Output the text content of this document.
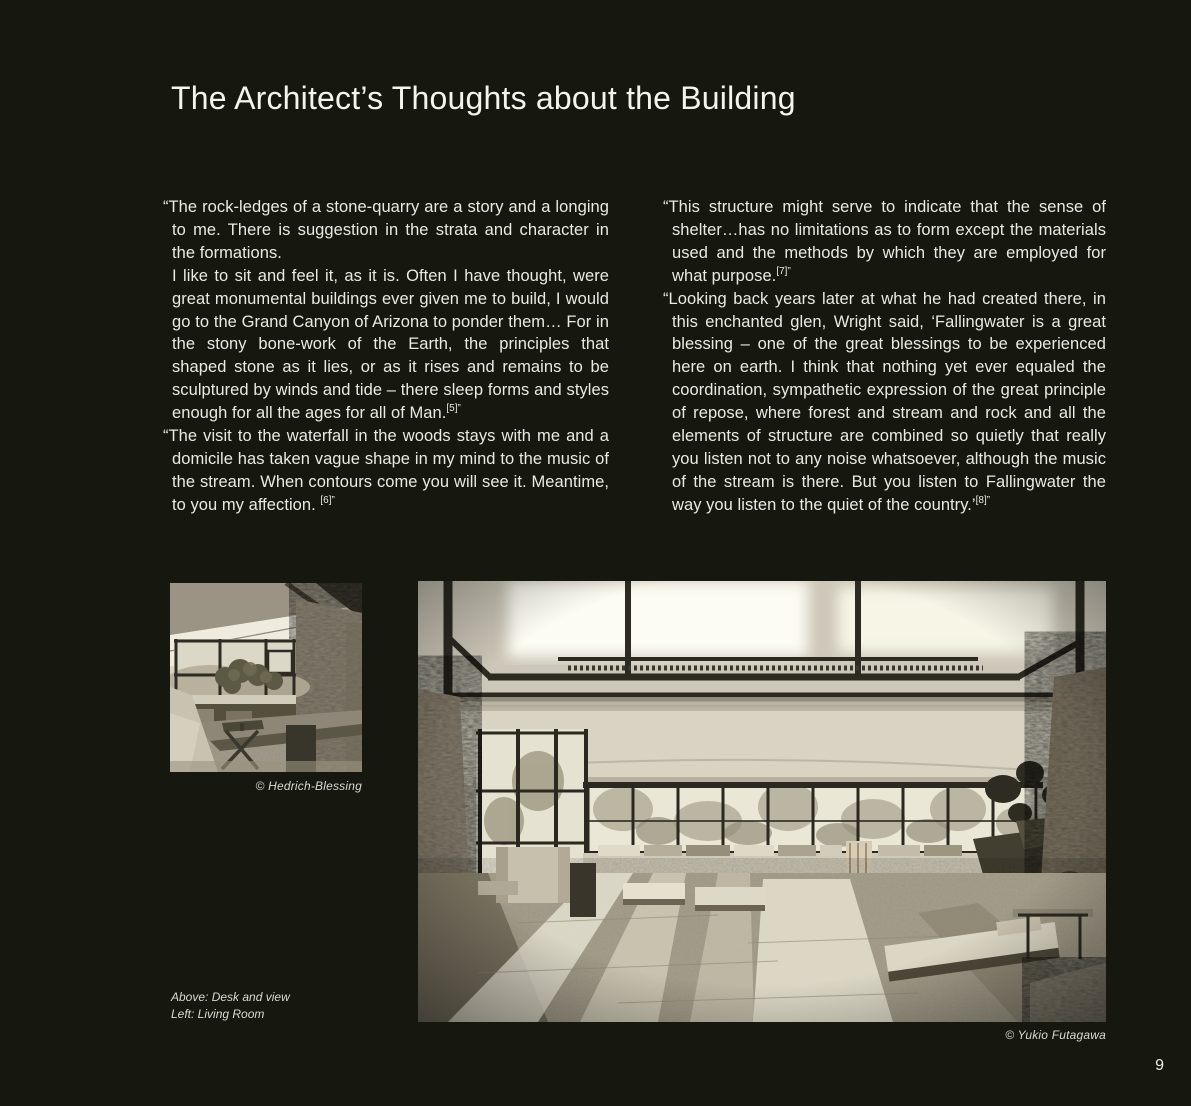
The Architect’s Thoughts about the Building

“The rock-ledges of a stone-quarry are a story and a longing to me. There is suggestion in the strata and character in the formations.

I like to sit and feel it, as it is. Often I have thought, were great monumental buildings ever given me to build, I would go to the Grand Canyon of Arizona to ponder them… For in the stony bone-work of the Earth, the principles that shaped stone as it lies, or as it rises and remains to be sculptured by winds and tide – there sleep forms and styles enough for all the ages for all of Man.$^{[5]”}$

“The visit to the waterfall in the woods stays with me and a domicile has taken vague shape in my mind to the music of the stream. When contours come you will see it. Meantime, to you my affection. $^{[6]”}$

“This structure might serve to indicate that the sense of shelter…has no limitations as to form except the materials used and the methods by which they are employed for what purpose.$^{[7]”}$

“Looking back years later at what he had created there, in this enchanted glen, Wright said, ‘Fallingwater is a great blessing – one of the great blessings to be experienced here on earth. I think that nothing yet ever equaled the coordination, sympathetic expression of the great principle of repose, where forest and stream and rock and all the elements of structure are combined so quietly that really you listen not to any noise whatsoever, although the music of the stream is there. But you listen to Fallingwater the way you listen to the quiet of the country.’$^{[8]”}$

© Hedrich-Blessing
© Yukio Futagawa
Above: Desk and view
Left: Living Room
9
